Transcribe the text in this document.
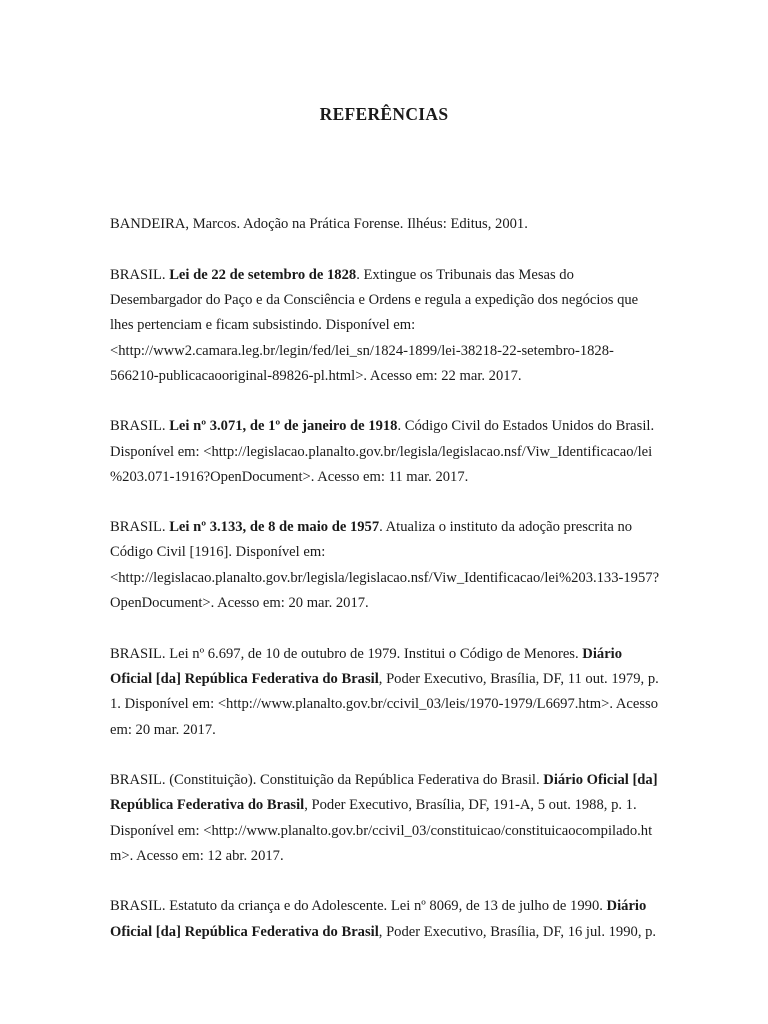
REFERÊNCIAS

BANDEIRA, Marcos. Adoção na Prática Forense. Ilhéus: Editus, 2001.

BRASIL. Lei de 22 de setembro de 1828. Extingue os Tribunais das Mesas do
Desembargador do Paço e da Consciência e Ordens e regula a expedição dos negócios que
lhes pertenciam e ficam subsistindo. Disponível em:
<http://www2.camara.leg.br/legin/fed/lei_sn/1824-1899/lei-38218-22-setembro-1828-
566210-publicacaooriginal-89826-pl.html>. Acesso em: 22 mar. 2017.

BRASIL. Lei nº 3.071, de 1º de janeiro de 1918. Código Civil do Estados Unidos do Brasil.
Disponível em: <http://legislacao.planalto.gov.br/legisla/legislacao.nsf/Viw_Identificacao/lei
%203.071-1916?OpenDocument>. Acesso em: 11 mar. 2017.

BRASIL. Lei nº 3.133, de 8 de maio de 1957. Atualiza o instituto da adoção prescrita no
Código Civil [1916]. Disponível em:
<http://legislacao.planalto.gov.br/legisla/legislacao.nsf/Viw_Identificacao/lei%203.133-1957?
OpenDocument>. Acesso em: 20 mar. 2017.

BRASIL. Lei nº 6.697, de 10 de outubro de 1979. Institui o Código de Menores. Diário
Oficial [da] República Federativa do Brasil, Poder Executivo, Brasília, DF, 11 out. 1979, p.
1. Disponível em: <http://www.planalto.gov.br/ccivil_03/leis/1970-1979/L6697.htm>. Acesso
em: 20 mar. 2017.

BRASIL. (Constituição). Constituição da República Federativa do Brasil. Diário Oficial [da]
República Federativa do Brasil, Poder Executivo, Brasília, DF, 191-A, 5 out. 1988, p. 1.
Disponível em: <http://www.planalto.gov.br/ccivil_03/constituicao/constituicaocompilado.ht
m>. Acesso em: 12 abr. 2017.

BRASIL. Estatuto da criança e do Adolescente. Lei nº 8069, de 13 de julho de 1990. Diário
Oficial [da] República Federativa do Brasil, Poder Executivo, Brasília, DF, 16 jul. 1990, p.
